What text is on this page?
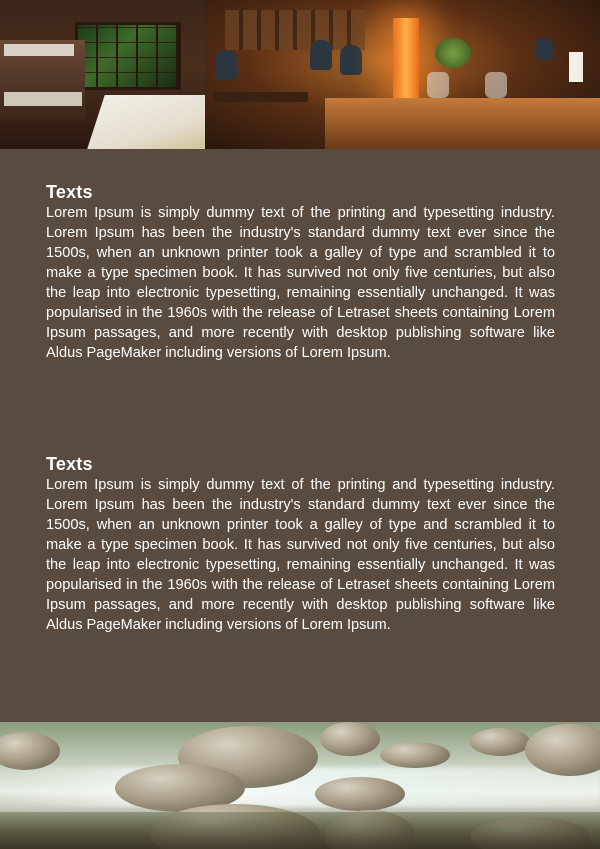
Texts

Lorem Ipsum is simply dummy text of the printing and typesetting industry. Lorem Ipsum has been the industry's standard dummy text ever since the 1500s, when an unknown printer took a galley of type and scrambled it to make a type specimen book. It has survived not only five centuries, but also the leap into electronic typesetting, remaining essentially unchanged. It was popularised in the 1960s with the release of Letraset sheets containing Lorem Ipsum passages, and more recently with desktop publishing software like Aldus PageMaker including versions of Lorem Ipsum.

Texts

Lorem Ipsum is simply dummy text of the printing and typesetting industry. Lorem Ipsum has been the industry's standard dummy text ever since the 1500s, when an unknown printer took a galley of type and scrambled it to make a type specimen book. It has survived not only five centuries, but also the leap into electronic typesetting, remaining essentially unchanged. It was popularised in the 1960s with the release of Letraset sheets containing Lorem Ipsum passages, and more recently with desktop publishing software like Aldus PageMaker including versions of Lorem Ipsum.
